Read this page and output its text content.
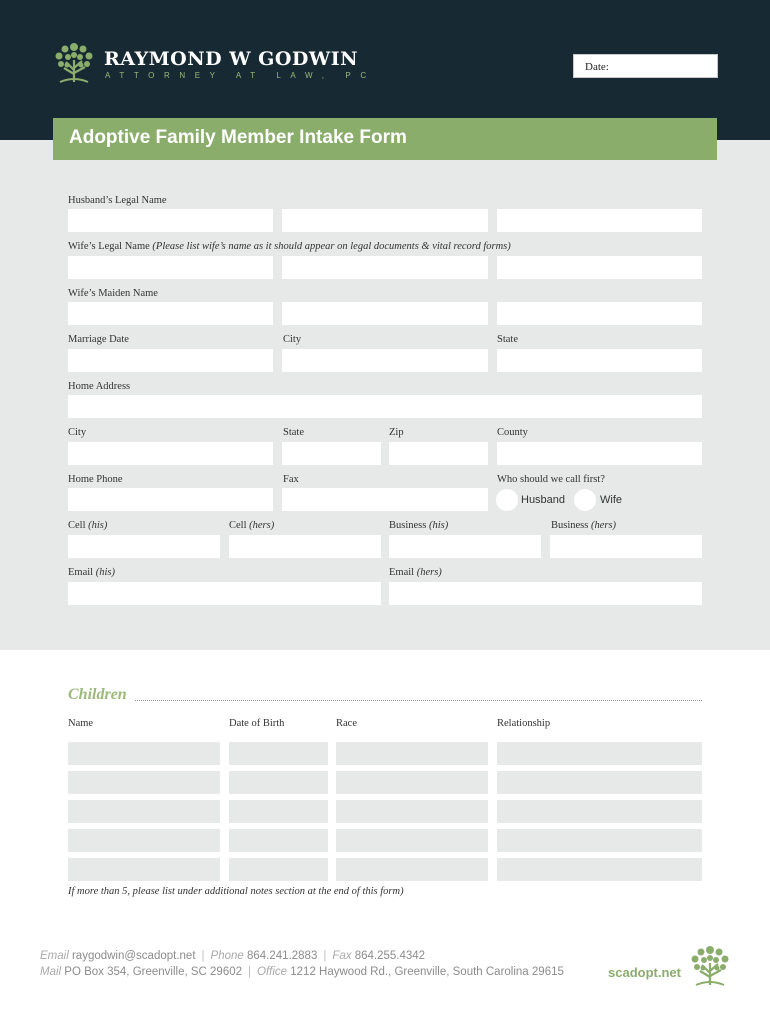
RAYMOND W GODWIN
ATTORNEY AT LAW, PC
Date:
Adoptive Family Member Intake Form
Husband’s Legal Name
Wife’s Legal Name (Please list wife’s name as it should appear on legal documents & vital record forms)
Wife’s Maiden Name
Marriage Date	City	State
Home Address
City	State	Zip	County
Home Phone	Fax	Who should we call first?
Husband	Wife
Cell (his)	Cell (hers)	Business (his)	Business (hers)
Email (his)	Email (hers)
Children
Name	Date of Birth	Race	Relationship
If more than 5, please list under additional notes section at the end of this form)
Email raygodwin@scadopt.net | Phone 864.241.2883 | Fax 864.255.4342
Mail PO Box 354, Greenville, SC 29602 | Office 1212 Haywood Rd., Greenville, South Carolina 29615	scadopt.net
